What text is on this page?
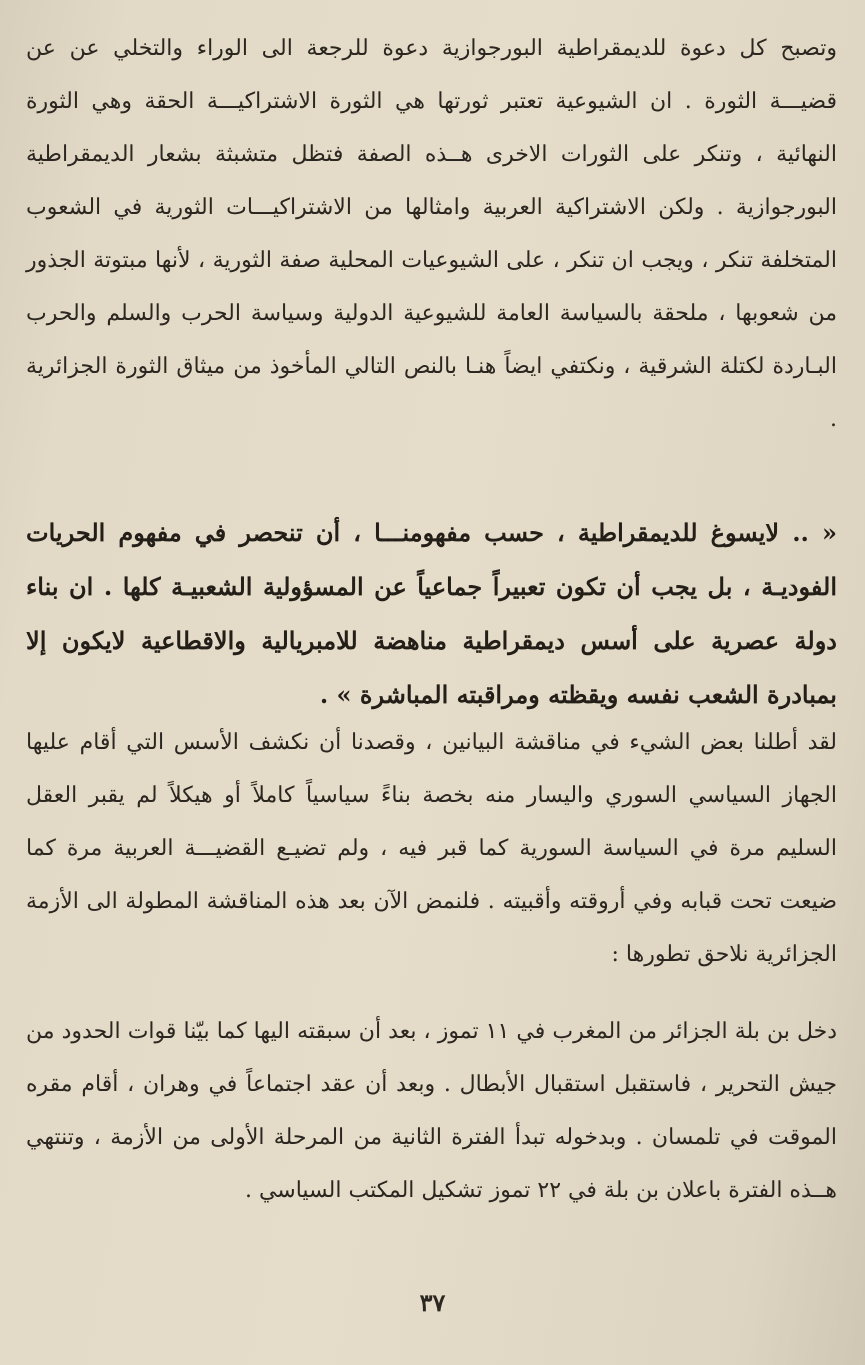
وتصبح كل دعوة للديمقراطية البورجوازية دعوة للرجعة الى الوراء والتخلي عن عن قضيـــة الثورة . ان الشيوعية تعتبر ثورتها هي الثورة الاشتراكيـــة الحقة وهي الثورة النهائية ، وتنكر على الثورات الاخرى هــذه الصفة فتظل متشبثة بشعار الديمقراطية البورجوازية . ولكن الاشتراكية العربية وامثالها من الاشتراكيـــات الثورية في الشعوب المتخلفة تنكر ، ويجب ان تنكر ، على الشيوعيات المحلية صفة الثورية ، لأنها مبتوتة الجذور من شعوبها ، ملحقة بالسياسة العامة للشيوعية الدولية وسياسة الحرب والسلم والحرب البـاردة لكتلة الشرقية ، ونكتفي ايضاً هنـا بالنص التالي المأخوذ من ميثاق الثورة الجزائرية .

« .. لايسوغ للديمقراطية ، حسب مفهومنـــا ، أن تنحصر في مفهوم الحريات الفوديـة ، بل يجب أن تكون تعبيراً جماعياً عن المسؤولية الشعبيـة كلها . ان بناء دولة عصرية على أسس ديمقراطية مناهضة للامبريالية والاقطاعية لايكون إلا بمبادرة الشعب نفسه ويقظته ومراقبته المباشرة » .

لقد أطلنا بعض الشيء في مناقشة البيانين ، وقصدنا أن نكشف الأسس التي أقام عليها الجهاز السياسي السوري واليسار منه بخصة بناءً سياسياً كاملاً أو هيكلاً لم يقبر العقل السليم مرة في السياسة السورية كما قبر فيه ، ولم تضيـع القضيـــة العربية مرة كما ضيعت تحت قبابه وفي أروقته وأقبيته . فلنمض الآن بعد هذه المناقشة المطولة الى الأزمة الجزائرية نلاحق تطورها :

دخل بن بلة الجزائر من المغرب في ١١ تموز ، بعد أن سبقته اليها كما بيّنا قوات الحدود من جيش التحرير ، فاستقبل استقبال الأبطال . وبعد أن عقد اجتماعاً في وهران ، أقام مقره الموقت في تلمسان . وبدخوله تبدأ الفترة الثانية من المرحلة الأولى من الأزمة ، وتنتهي هــذه الفترة باعلان بن بلة في ٢٢ تموز تشكيل المكتب السياسي .

٣٧
